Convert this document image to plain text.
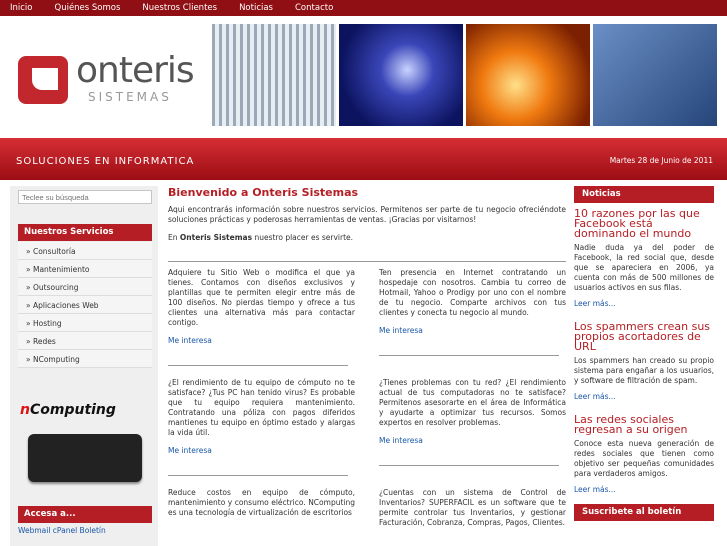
Inicio	Quiénes Somos	Nuestros Clientes	Noticias	Contacto
onteris
SISTEMAS
SOLUCIONES EN INFORMATICA	Martes 28 de Junio de 2011
Teclee su búsqueda
Nuestros Servicios
» Consultoría
» Mantenimiento
» Outsourcing
» Aplicaciones Web
» Hosting
» Redes
» NComputing
nComputing
Accesa a...
Webmail cPanel Boletín
Bienvenido a Onteris Sistemas

Aqui encontrarás información sobre nuestros servicios. Permitenos ser parte de tu negocio ofreciéndote soluciones prácticas y poderosas herramientas de ventas. ¡Gracias por visitarnos!

En Onteris Sistemas nuestro placer es servirte.

Adquiere tu Sitio Web o modifica el que ya tienes. Contamos con diseños exclusivos y plantillas que te permiten elegir entre más de 100 diseños. No pierdas tiempo y ofrece a tus clientes una alternativa más para contactar contigo.

Me interesa

Ten presencia en Internet contratando un hospedaje con nosotros. Cambia tu correo de Hotmail, Yahoo o Prodigy por uno con el nombre de tu negocio. Comparte archivos con tus clientes y conecta tu negocio al mundo.

Me interesa

¿El rendimiento de tu equipo de cómputo no te satisface? ¿Tus PC han tenido virus? Es probable que tu equipo requiera mantenimiento. Contratando una póliza con pagos diferidos mantienes tu equipo en óptimo estado y alargas la vida útil.

Me interesa

¿Tienes problemas con tu red? ¿El rendimiento actual de tus computadoras no te satisface? Permitenos asesorarte en el área de Informática y ayudarte a optimizar tus recursos. Somos expertos en resolver problemas.

Me interesa

Reduce costos en equipo de cómputo, mantenimiento y consumo eléctrico. NComputing es una tecnología de virtualización de escritorios

¿Cuentas con un sistema de Control de Inventarios? SUPERFACIL es un software que te permite controlar tus Inventarios, y gestionar Facturación, Cobranza, Compras, Pagos, Clientes.

Noticias
10 razones por las que Facebook está dominando el mundo

Nadie duda ya del poder de Facebook, la red social que, desde que se apareciera en 2006, ya cuenta con más de 500 millones de usuarios activos en sus filas.

Leer más...
Los spammers crean sus propios acortadores de URL

Los spammers han creado su propio sistema para engañar a los usuarios, y software de filtración de spam.

Leer más...
Las redes sociales regresan a su origen

Conoce esta nueva generación de redes sociales que tienen como objetivo ser pequeñas comunidades para verdaderos amigos.

Leer más...
Suscribete al boletín
